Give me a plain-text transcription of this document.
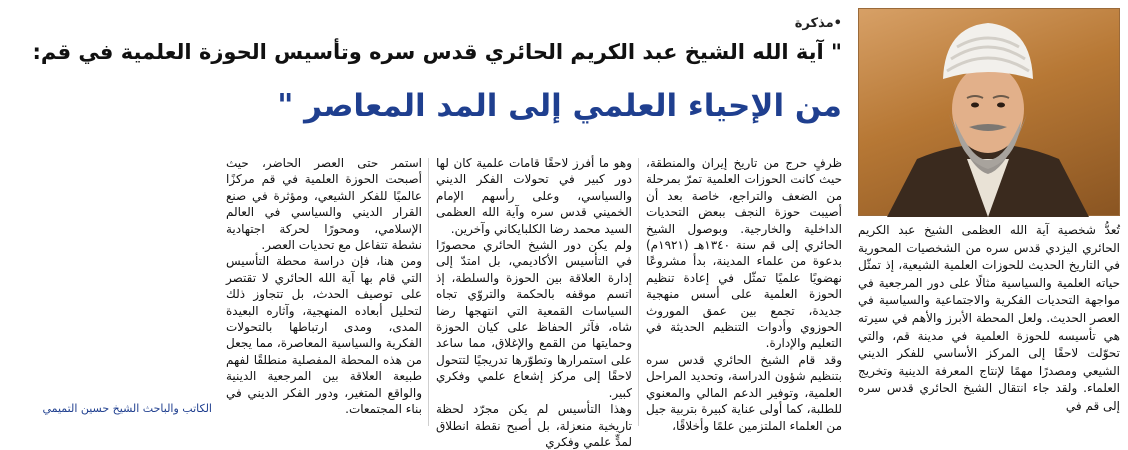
تُعدُّ شخصية آية الله العظمى الشيخ عبد الكريم الحائري اليزدي قدس سره من الشخصيات المحورية في التاريخ الحديث للحوزات العلمية الشيعية، إذ تمثّل حياته العلمية والسياسية مثالًا على دور المرجعية في مواجهة التحديات الفكرية والاجتماعية والسياسية في العصر الحديث. ولعل المحطة الأبرز والأهم في سيرته هي تأسيسه للحوزة العلمية في مدينة قم، والتي تحوّلت لاحقًا إلى المركز الأساسي للفكر الديني الشيعي ومصدرًا مهمًا لإنتاج المعرفة الدينية وتخريج العلماء. ولقد جاء انتقال الشيخ الحائري قدس سره إلى قم في
•مذكرة
" آية الله الشيخ عبد الكريم الحائري قدس سره وتأسيس الحوزة العلمية في قم:
من الإحياء العلمي إلى المد المعاصر "

ظرفٍ حرج من تاريخ إيران والمنطقة، حيث كانت الحوزات العلمية تمرّ بمرحلة من الضعف والتراجع، خاصة بعد أن أصيبت حوزة النجف ببعض التحديات الداخلية والخارجية. وبوصول الشيخ الحائري إلى قم سنة ١٣٤٠هـ (١٩٢١م) بدعوة من علماء المدينة، بدأ مشروعًا نهضويًا علميًا تمثّل في إعادة تنظيم الحوزة العلمية على أسس منهجية جديدة، تجمع بين عمق الموروث الحوزوي وأدوات التنظيم الحديثة في التعليم والإدارة.

وقد قام الشيخ الحائري قدس سره بتنظيم شؤون الدراسة، وتحديد المراحل العلمية، وتوفير الدعم المالي والمعنوي للطلبة، كما أولى عناية كبيرة بتربية جيل من العلماء الملتزمين علمًا وأخلاقًا،

وهو ما أفرز لاحقًا قامات علمية كان لها دور كبير في تحولات الفكر الديني والسياسي، وعلى رأسهم الإمام الخميني قدس سره وآية الله العظمى السيد محمد رضا الكلبايكاني وآخرين.

ولم يكن دور الشيخ الحائري محصورًا في التأسيس الأكاديمي، بل امتدّ إلى إدارة العلاقة بين الحوزة والسلطة، إذ اتسم موقفه بالحكمة والتروّي تجاه السياسات القمعية التي انتهجها رضا شاه، فآثر الحفاظ على كيان الحوزة وحمايتها من القمع والإغلاق، مما ساعد على استمرارها وتطوّرها تدريجيًا لتتحول لاحقًا إلى مركز إشعاع علمي وفكري كبير.

وهذا التأسيس لم يكن مجرّد لحظة تاريخية منعزلة، بل أصبح نقطة انطلاق لمدٍّ علمي وفكري

استمر حتى العصر الحاضر، حيث أصبحت الحوزة العلمية في قم مركزًا عالميًا للفكر الشيعي، ومؤثرة في صنع القرار الديني والسياسي في العالم الإسلامي، ومحورًا لحركة اجتهادية نشطة تتفاعل مع تحديات العصر.

ومن هنا، فإن دراسة محطة التأسيس التي قام بها آية الله الحائري لا تقتصر على توصيف الحدث، بل تتجاوز ذلك لتحليل أبعاده المنهجية، وآثاره البعيدة المدى، ومدى ارتباطها بالتحولات الفكرية والسياسية المعاصرة، مما يجعل من هذه المحطة المفصلية منطلقًا لفهم طبيعة العلاقة بين المرجعية الدينية والواقع المتغير، ودور الفكر الديني في بناء المجتمعات.

الكاتب والباحث الشيخ حسين التميمي
